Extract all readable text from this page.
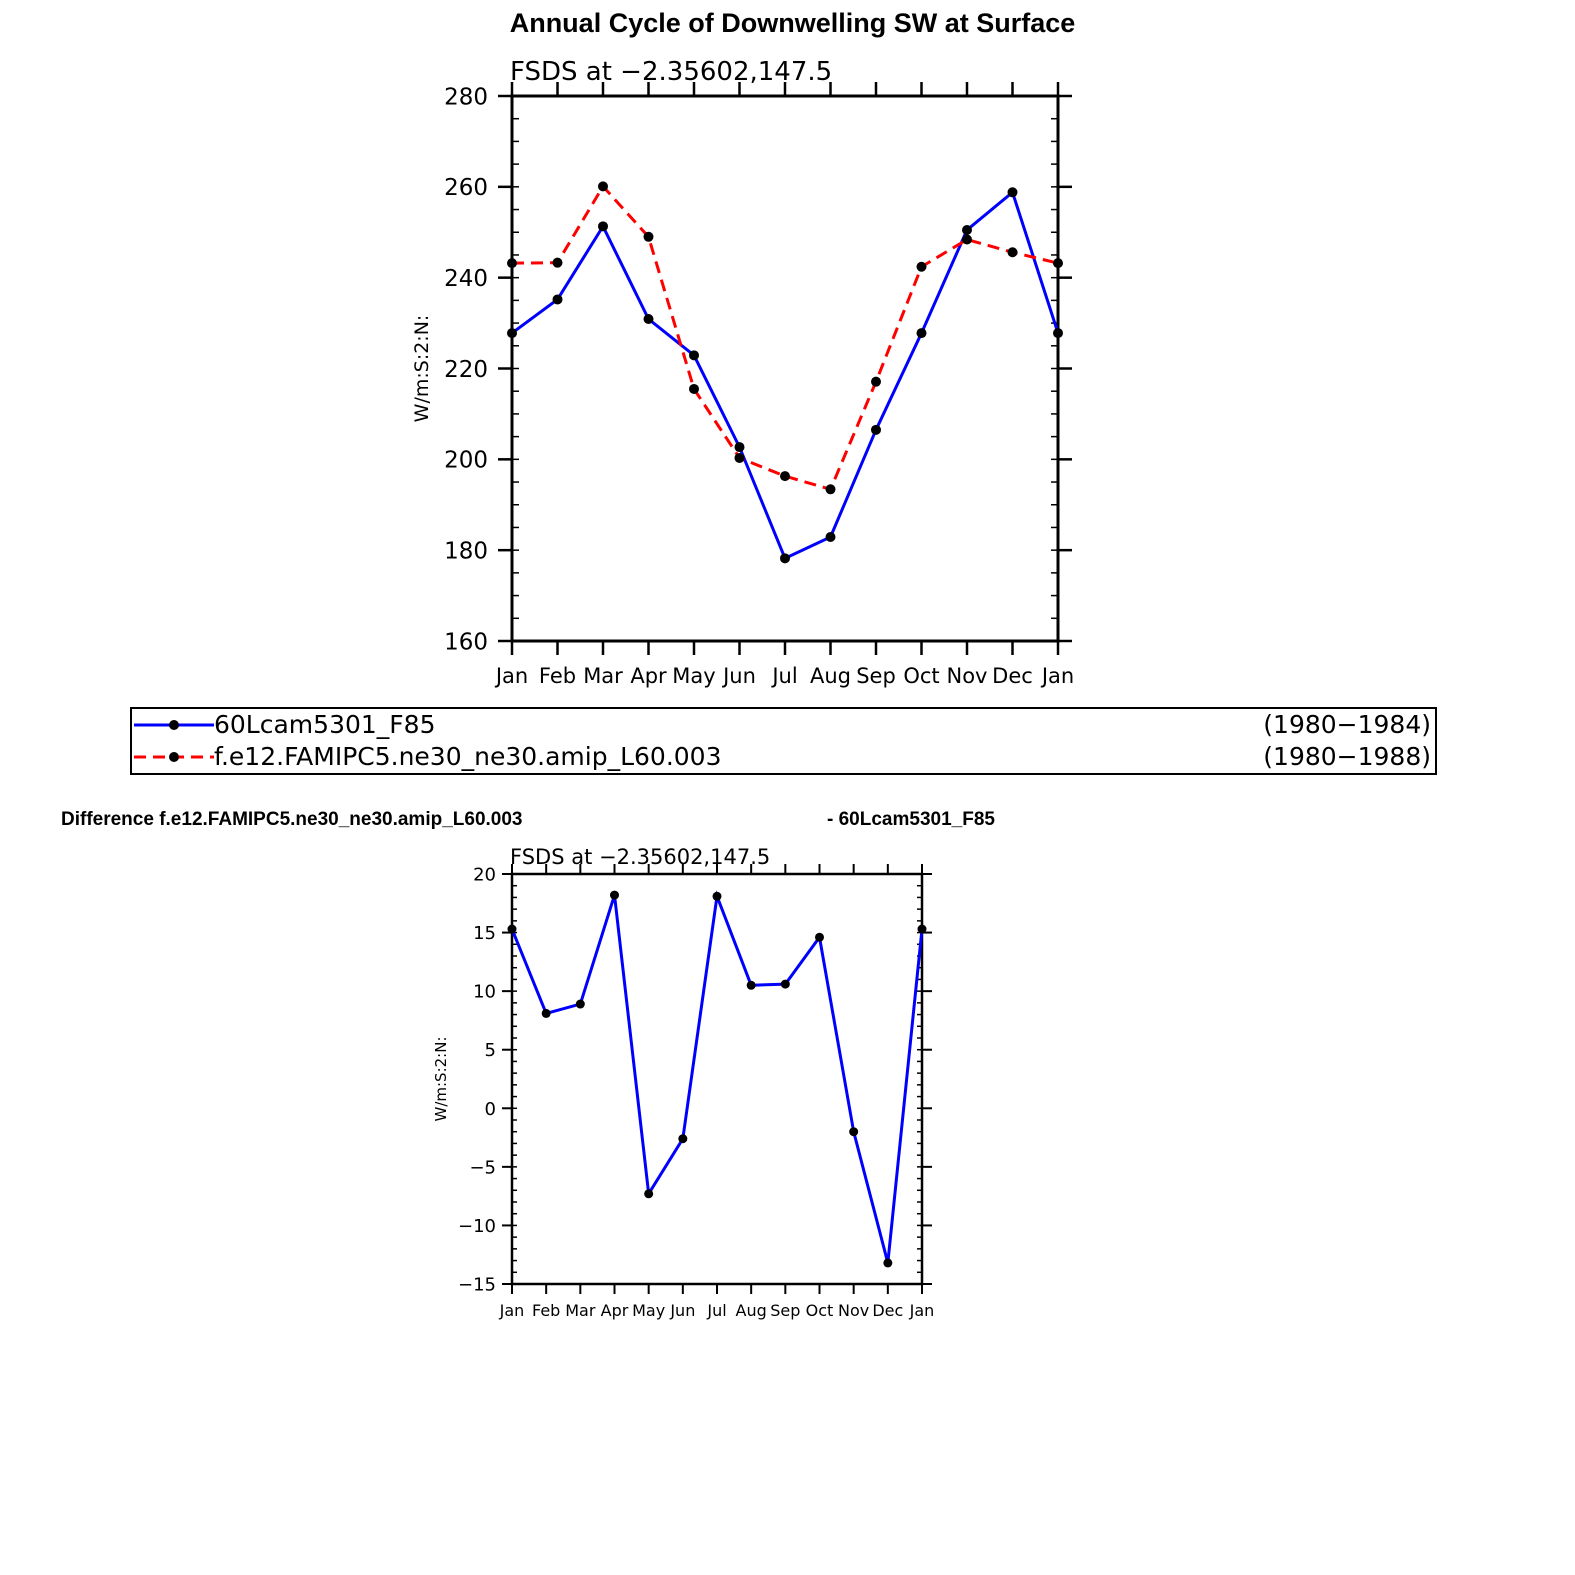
Annual Cycle of Downwelling SW at Surface
Jan Feb Mar Apr May Jun Jul Aug Sep Oct Nov Dec Jan
160
180
200
220
240
260
280
FSDS at −2.35602,147.5
W/m:S:2:N:
60Lcam5301_F85	(1980−1984)
f.e12.FAMIPC5.ne30_ne30.amip_L60.003	(1980−1988)
Difference f.e12.FAMIPC5.ne30_ne30.amip_L60.003	- 60Lcam5301_F85
Jan Feb Mar Apr May Jun Jul Aug Sep Oct Nov Dec Jan
−15
−10
−5
0
5
10
15
20
FSDS at −2.35602,147.5
W/m:S:2:N:
